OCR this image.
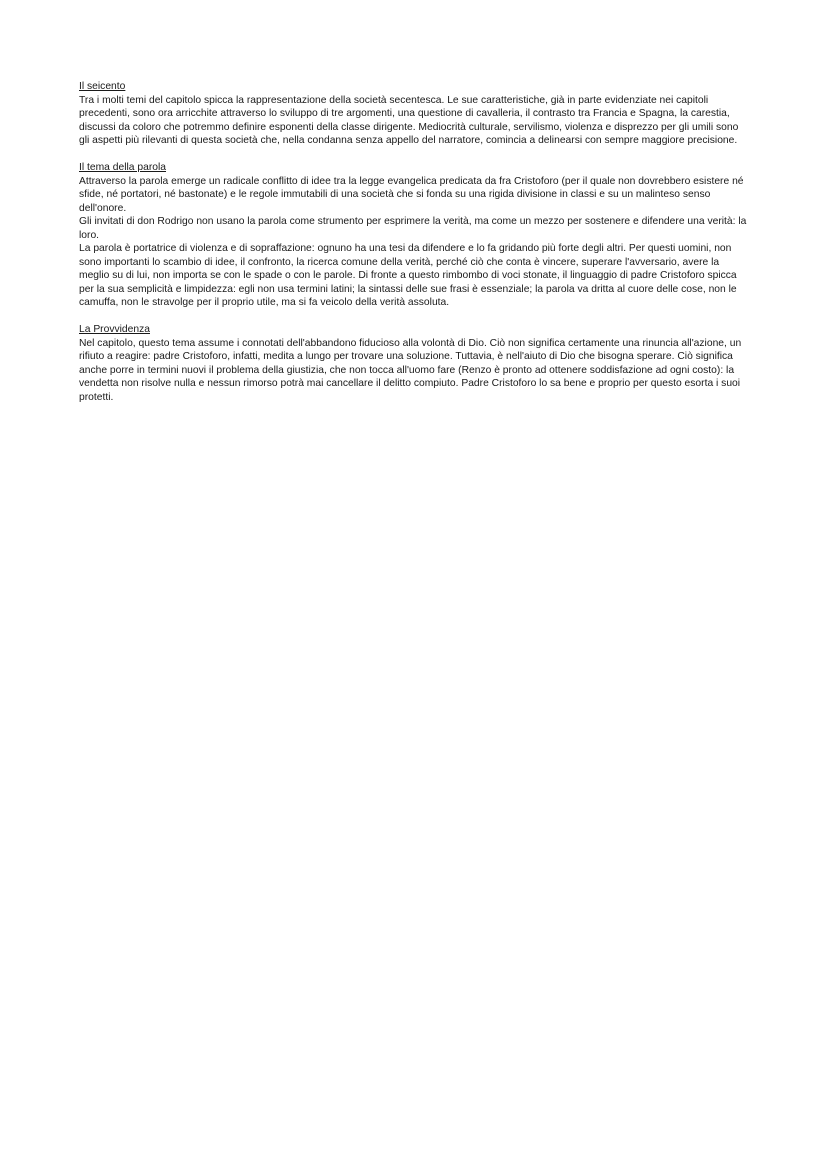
Il seicento

Tra i molti temi del capitolo spicca la rappresentazione della società secentesca. Le sue caratteristiche, già in parte evidenziate nei capitoli precedenti, sono ora arricchite attraverso lo sviluppo di tre argomenti, una questione di cavalleria, il contrasto tra Francia e Spagna, la carestia, discussi da coloro che potremmo definire esponenti della classe dirigente. Mediocrità culturale, servilismo, violenza e disprezzo per gli umili sono gli aspetti più rilevanti di questa società che, nella condanna senza appello del narratore, comincia a delinearsi con sempre maggiore precisione.

Il tema della parola

Attraverso la parola emerge un radicale conflitto di idee tra la legge evangelica predicata da fra Cristoforo (per il quale non dovrebbero esistere né sfide, né portatori, né bastonate) e le regole immutabili di una società che si fonda su una rigida divisione in classi e su un malinteso senso dell'onore.

Gli invitati di don Rodrigo non usano la parola come strumento per esprimere la verità, ma come un mezzo per sostenere e difendere una verità: la loro.

La parola è portatrice di violenza e di sopraffazione: ognuno ha una tesi da difendere e lo fa gridando più forte degli altri. Per questi uomini, non sono importanti lo scambio di idee, il confronto, la ricerca comune della verità, perché ciò che conta è vincere, superare l'avversario, avere la meglio su di lui, non importa se con le spade o con le parole. Di fronte a questo rimbombo di voci stonate, il linguaggio di padre Cristoforo spicca per la sua semplicità e limpidezza: egli non usa termini latini; la sintassi delle sue frasi è essenziale; la parola va dritta al cuore delle cose, non le camuffa, non le stravolge per il proprio utile, ma si fa veicolo della verità assoluta.

La Provvidenza

Nel capitolo, questo tema assume i connotati dell'abbandono fiducioso alla volontà di Dio. Ciò non significa certamente una rinuncia all'azione, un rifiuto a reagire: padre Cristoforo, infatti, medita a lungo per trovare una soluzione. Tuttavia, è nell'aiuto di Dio che bisogna sperare. Ciò significa anche porre in termini nuovi il problema della giustizia, che non tocca all'uomo fare (Renzo è pronto ad ottenere soddisfazione ad ogni costo): la vendetta non risolve nulla e nessun rimorso potrà mai cancellare il delitto compiuto. Padre Cristoforo lo sa bene e proprio per questo esorta i suoi protetti.
